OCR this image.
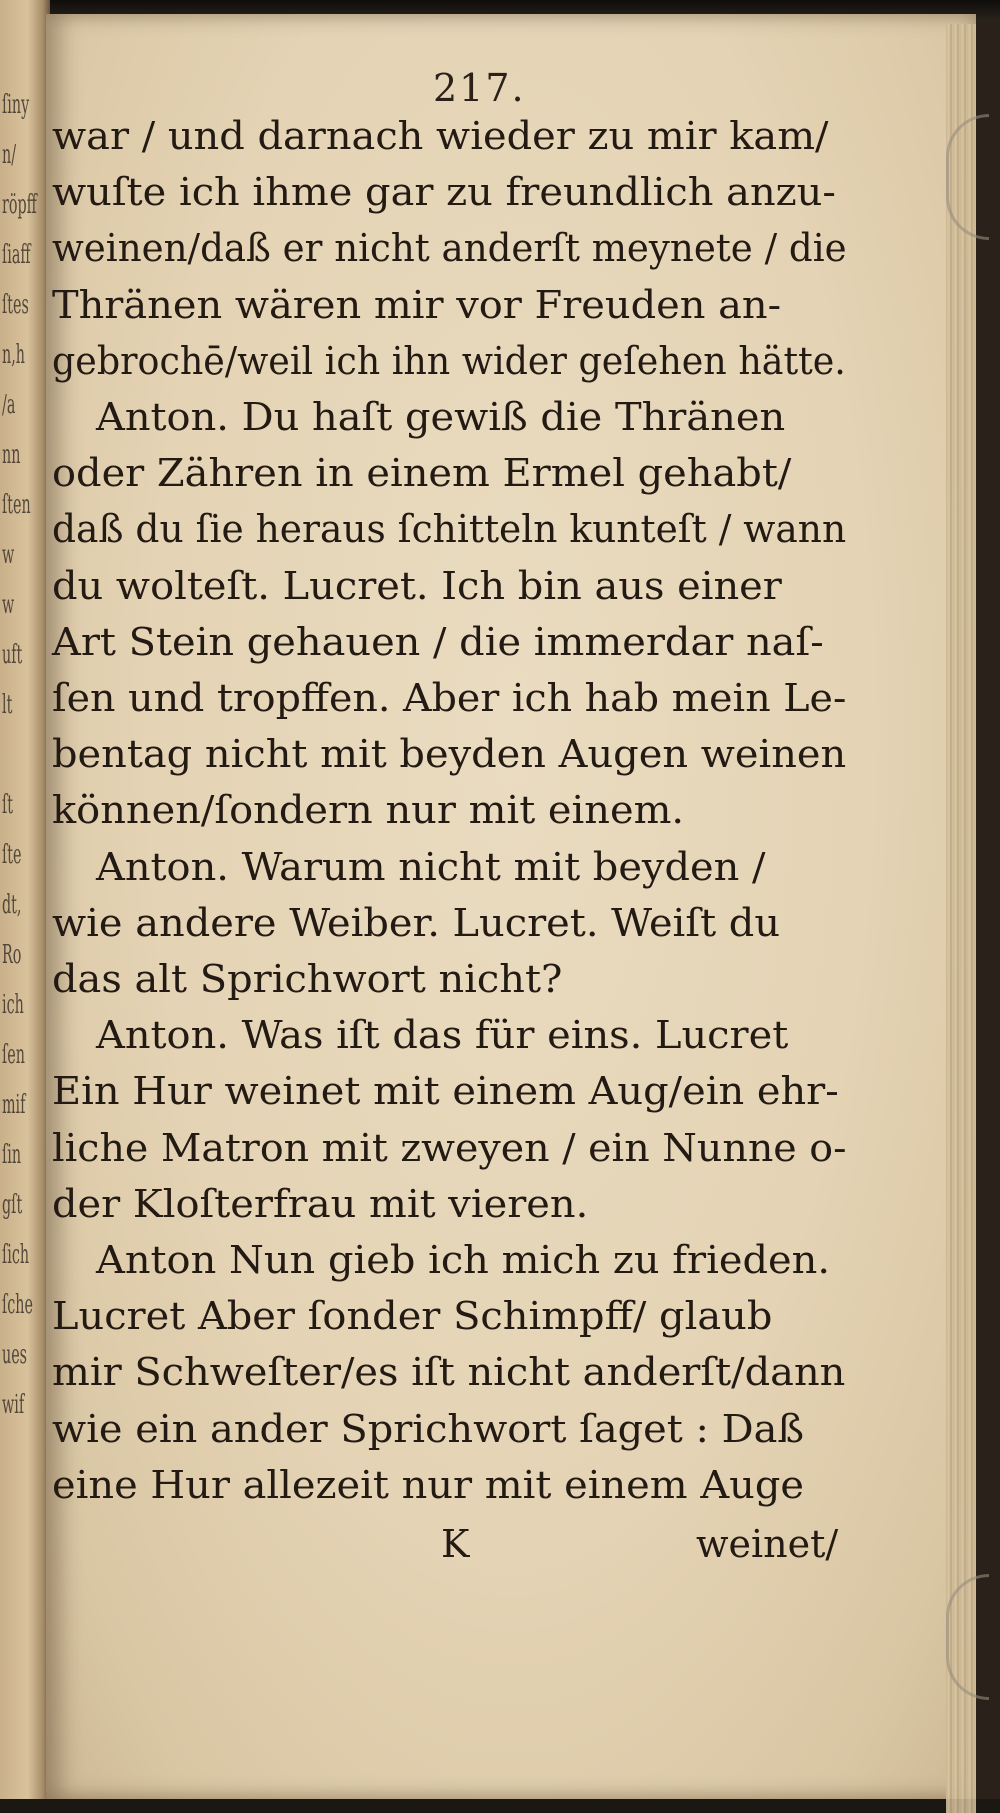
ſiny
n/
röpff
ſiaff
ſtes
n,h
/a
nn
ſten
w
w
uft
lt
ſt
ſte
dt,
Ro
ich
ſen
mif
ſin
gſt
ſich
ſche
ues
wif
217.
war / und darnach wieder zu mir kam/
wuſte ich ihme gar zu freundlich anzu-
weinen/daß er nicht anderſt meynete / die
Thränen wären mir vor Freuden an-
gebrochē/weil ich ihn wider geſehen hätte.
Anton. Du haſt gewiß die Thränen
oder Zähren in einem Ermel gehabt/
daß du ſie heraus ſchitteln kunteſt / wann
du wolteſt. Lucret. Ich bin aus einer
Art Stein gehauen / die immerdar naſ-
ſen und tropffen. Aber ich hab mein Le-
bentag nicht mit beyden Augen weinen
können/ſondern nur mit einem.
Anton. Warum nicht mit beyden /
wie andere Weiber. Lucret. Weiſt du
das alt Sprichwort nicht?
Anton. Was iſt das für eins. Lucret
Ein Hur weinet mit einem Aug/ein ehr-
liche Matron mit zweyen / ein Nunne o-
der Kloſterfrau mit vieren.
Anton Nun gieb ich mich zu frieden.
Lucret Aber ſonder Schimpff/ glaub
mir Schweſter/es iſt nicht anderſt/dann
wie ein ander Sprichwort ſaget : Daß
eine Hur allezeit nur mit einem Auge
K	weinet/
